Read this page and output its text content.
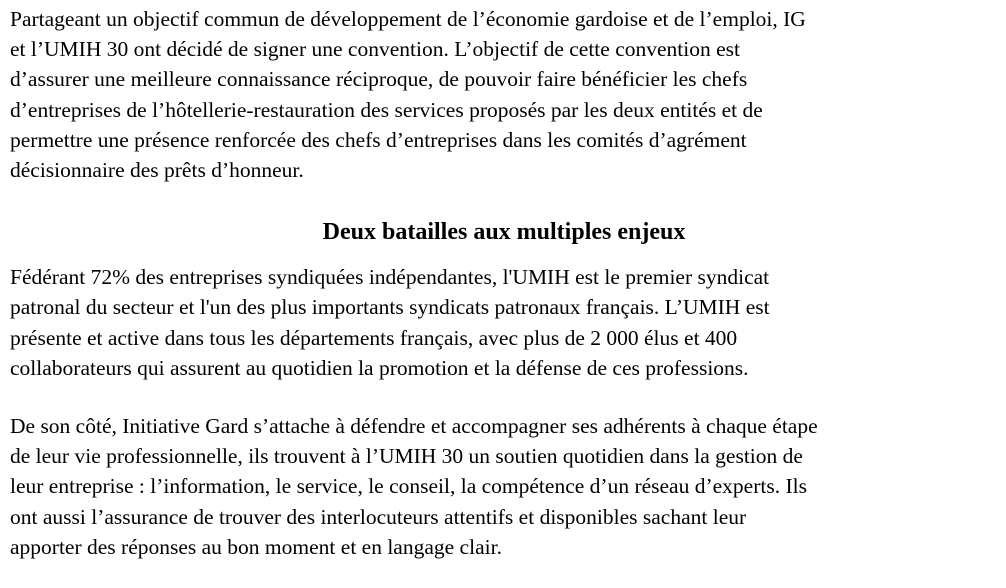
Partageant un objectif commun de développement de l’économie gardoise et de l’emploi, IG
et l’UMIH 30 ont décidé de signer une convention. L’objectif de cette convention est
d’assurer une meilleure connaissance réciproque, de pouvoir faire bénéficier les chefs
d’entreprises de l’hôtellerie-restauration des services proposés par les deux entités et de
permettre une présence renforcée des chefs d’entreprises dans les comités d’agrément
décisionnaire des prêts d’honneur.

Deux batailles aux multiples enjeux

Fédérant 72% des entreprises syndiquées indépendantes, l'UMIH est le premier syndicat
patronal du secteur et l'un des plus importants syndicats patronaux français. L’UMIH est
présente et active dans tous les départements français, avec plus de 2 000 élus et 400
collaborateurs qui assurent au quotidien la promotion et la défense de ces professions.

De son côté, Initiative Gard s’attache à défendre et accompagner ses adhérents à chaque étape
de leur vie professionnelle, ils trouvent à l’UMIH 30 un soutien quotidien dans la gestion de
leur entreprise : l’information, le service, le conseil, la compétence d’un réseau d’experts. Ils
ont aussi l’assurance de trouver des interlocuteurs attentifs et disponibles sachant leur
apporter des réponses au bon moment et en langage clair.
